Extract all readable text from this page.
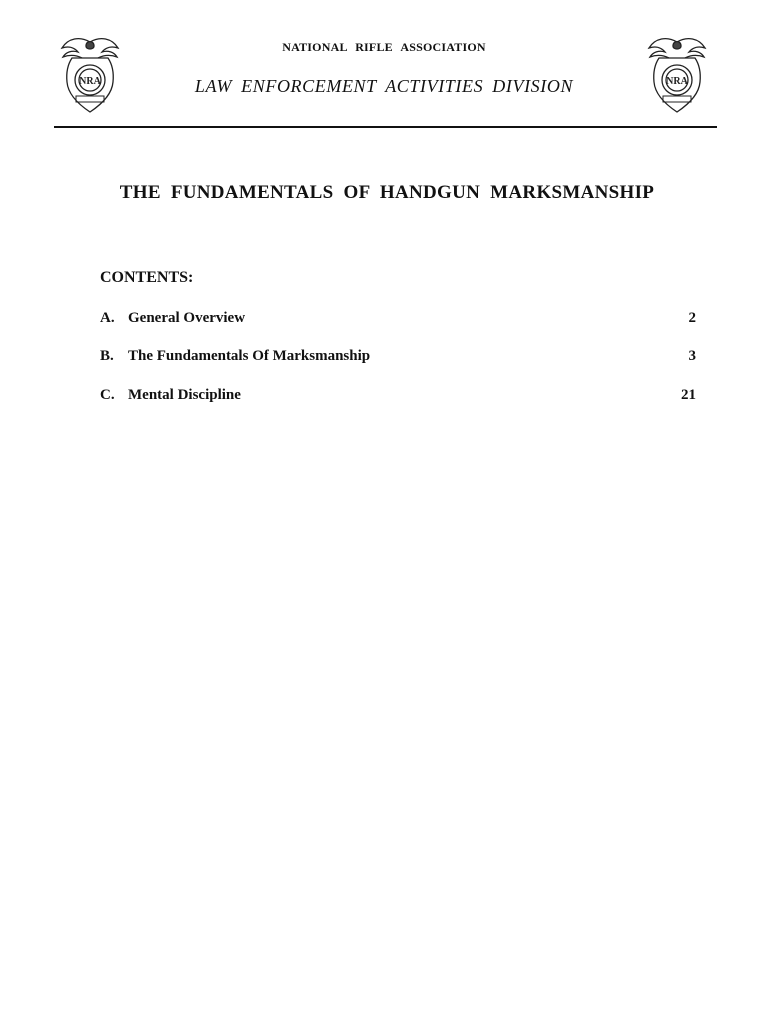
NRA	NRA
NATIONAL RIFLE ASSOCIATION
LAW ENFORCEMENT ACTIVITIES DIVISION
THE FUNDAMENTALS OF HANDGUN MARKSMANSHIP
CONTENTS:
A. General Overview	2
B. The Fundamentals Of Marksmanship	3
C. Mental Discipline	21
